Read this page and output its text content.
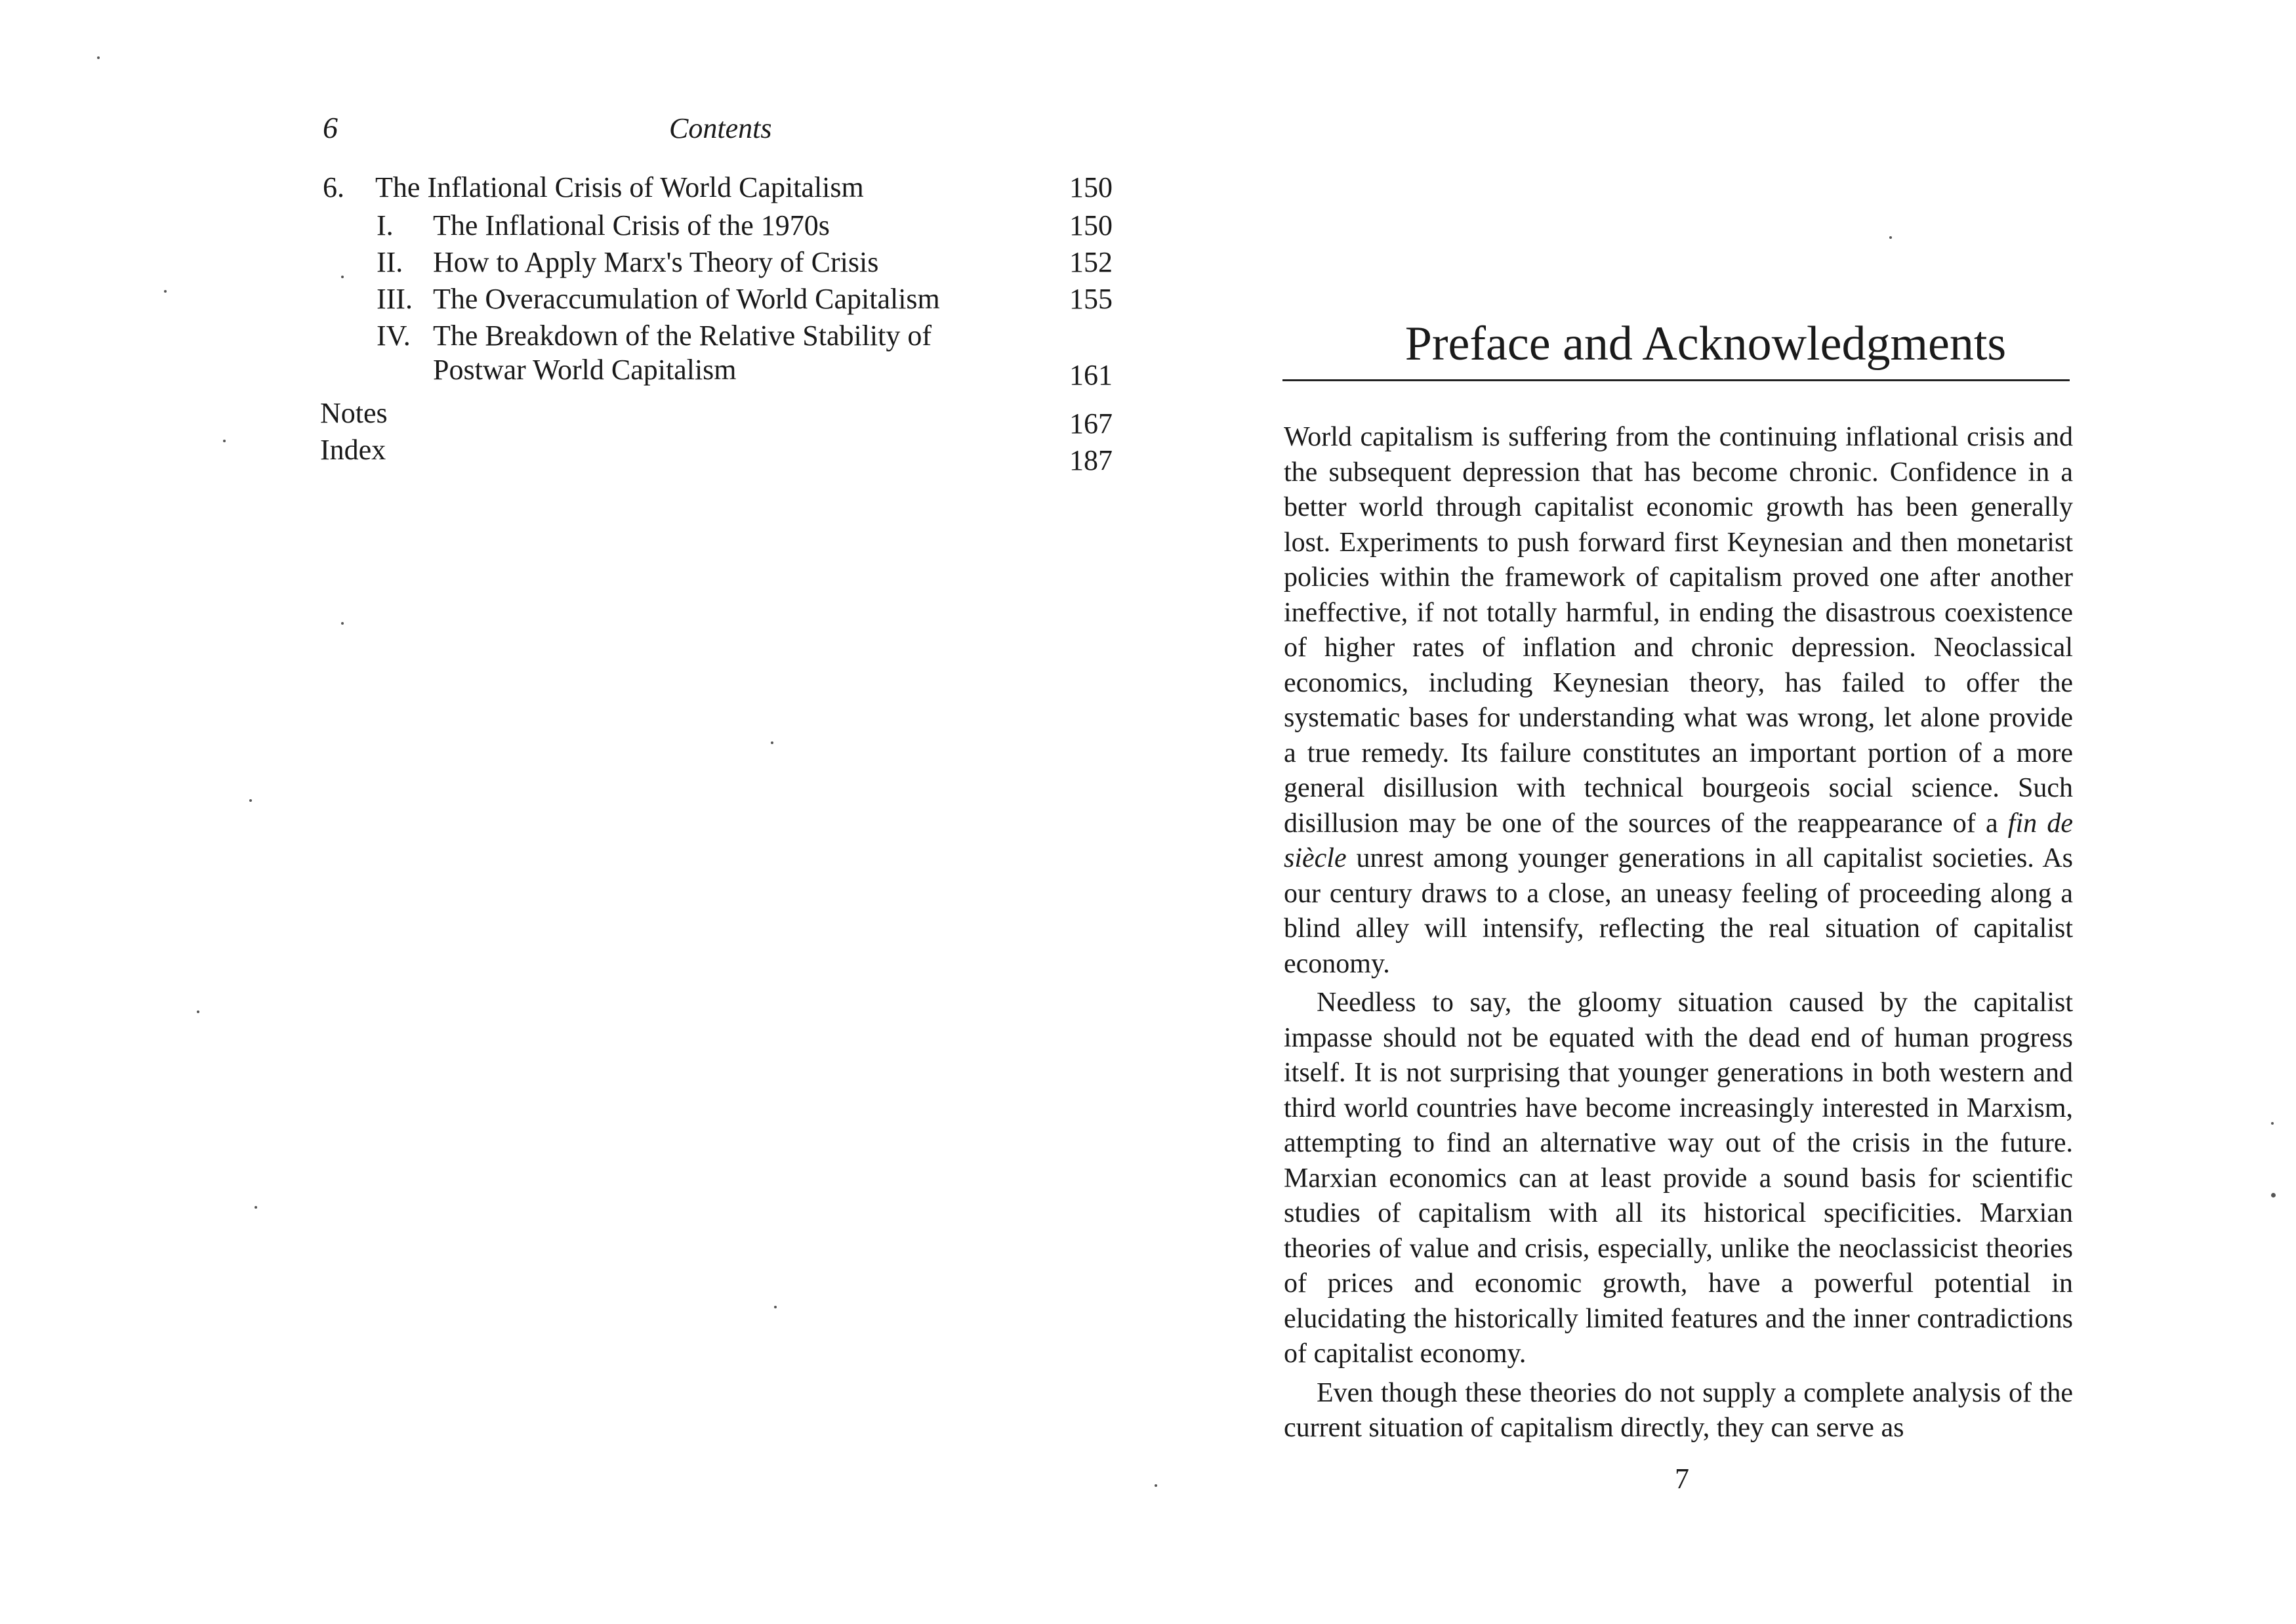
6	Contents
6. The Inflational Crisis of World Capitalism	150
I. The Inflational Crisis of the 1970s	150
II. How to Apply Marx's Theory of Crisis	152
III. The Overaccumulation of World Capitalism	155
IV. The Breakdown of the Relative Stability of
Postwar World Capitalism	161
Notes	167
Index	187
Preface and Acknowledgments

World capitalism is suffering from the continuing inflational crisis and the subsequent depression that has become chronic. Confidence in a better world through capitalist economic growth has been generally lost. Experiments to push forward first Keynesian and then monetarist policies within the framework of capitalism proved one after another ineffective, if not totally harmful, in ending the disastrous coexistence of higher rates of inflation and chronic depression. Neoclassical economics, including Keynesian theory, has failed to offer the systematic bases for understanding what was wrong, let alone provide a true remedy. Its failure constitutes an important portion of a more general disillusion with technical bourgeois social science. Such disillusion may be one of the sources of the reappearance of a fin de siècle unrest among younger generations in all capitalist societies. As our century draws to a close, an uneasy feeling of proceeding along a blind alley will intensify, reflecting the real situation of capitalist economy.

Needless to say, the gloomy situation caused by the capitalist impasse should not be equated with the dead end of human progress itself. It is not surprising that younger generations in both western and third world countries have become increasingly interested in Marxism, attempting to find an alternative way out of the crisis in the future. Marxian economics can at least provide a sound basis for scientific studies of capitalism with all its historical specificities. Marxian theories of value and crisis, especially, unlike the neoclassicist theories of prices and economic growth, have a powerful potential in elucidating the historically limited features and the inner contradictions of capitalist economy.

Even though these theories do not supply a complete analysis of the current situation of capitalism directly, they can serve as

7
